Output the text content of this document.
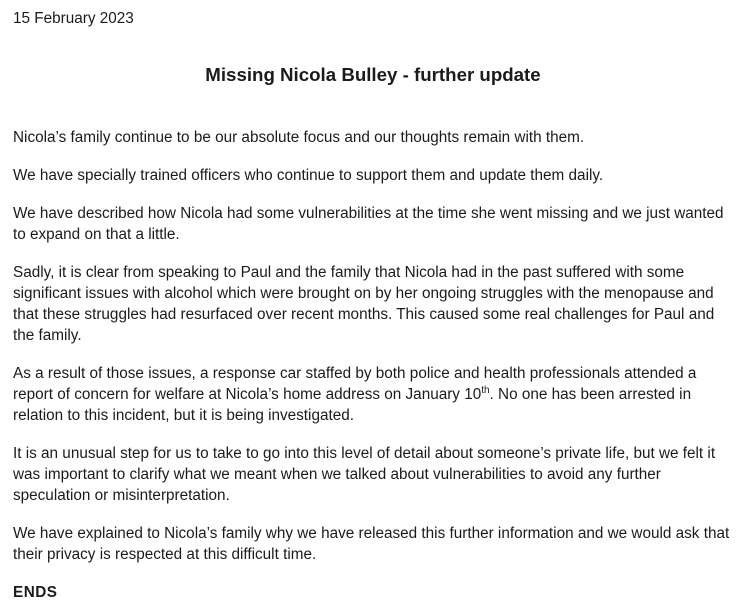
15 February 2023

Missing Nicola Bulley - further update

Nicola’s family continue to be our absolute focus and our thoughts remain with them.

We have specially trained officers who continue to support them and update them daily.

We have described how Nicola had some vulnerabilities at the time she went missing and we just wanted to expand on that a little.

Sadly, it is clear from speaking to Paul and the family that Nicola had in the past suffered with some significant issues with alcohol which were brought on by her ongoing struggles with the menopause and that these struggles had resurfaced over recent months. This caused some real challenges for Paul and the family.

As a result of those issues, a response car staffed by both police and health professionals attended a report of concern for welfare at Nicola’s home address on January 10th. No one has been arrested in relation to this incident, but it is being investigated.

It is an unusual step for us to take to go into this level of detail about someone’s private life, but we felt it was important to clarify what we meant when we talked about vulnerabilities to avoid any further speculation or misinterpretation.

We have explained to Nicola’s family why we have released this further information and we would ask that their privacy is respected at this difficult time.

ENDS
